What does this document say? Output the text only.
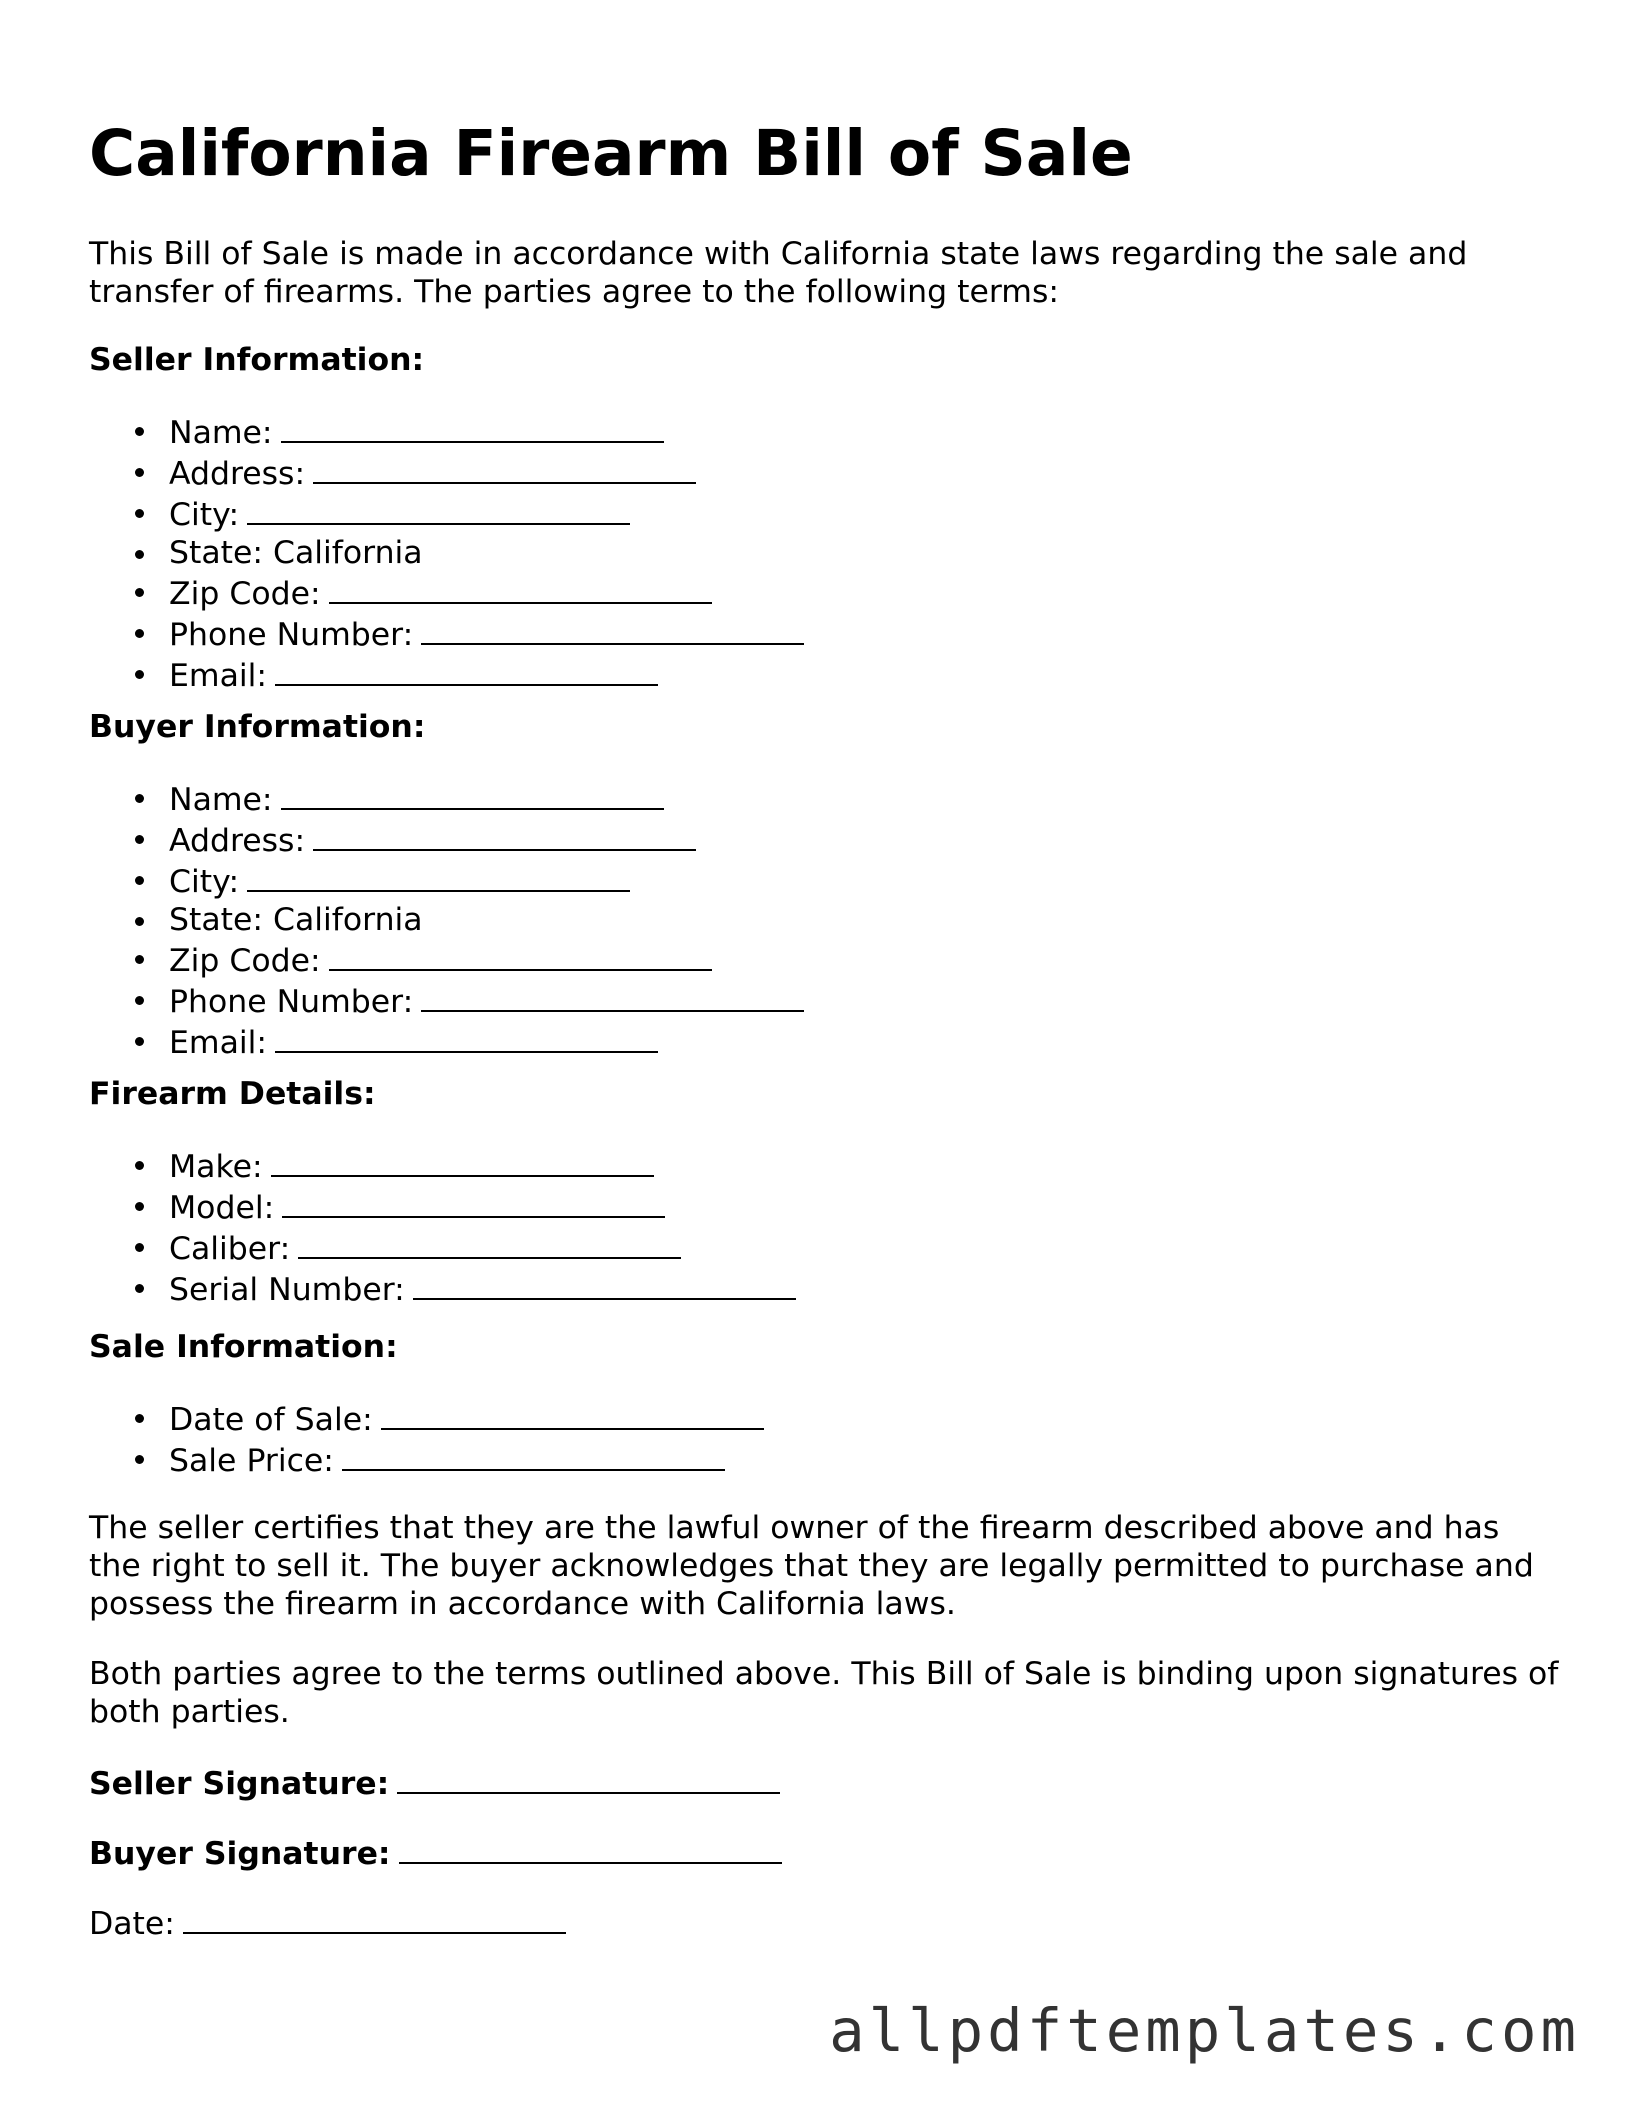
California Firearm Bill of Sale

This Bill of Sale is made in accordance with California state laws regarding the sale and transfer of firearms. The parties agree to the following terms:

Seller Information:

Name:
Address:
City:
State: California
Zip Code:
Phone Number:
Email:

Buyer Information:

Name:
Address:
City:
State: California
Zip Code:
Phone Number:
Email:

Firearm Details:

Make:
Model:
Caliber:
Serial Number:

Sale Information:

Date of Sale:
Sale Price:

The seller certifies that they are the lawful owner of the firearm described above and has the right to sell it. The buyer acknowledges that they are legally permitted to purchase and possess the firearm in accordance with California laws.

Both parties agree to the terms outlined above. This Bill of Sale is binding upon signatures of both parties.

Seller Signature:

Buyer Signature:

Date:

allpdftemplates.com
